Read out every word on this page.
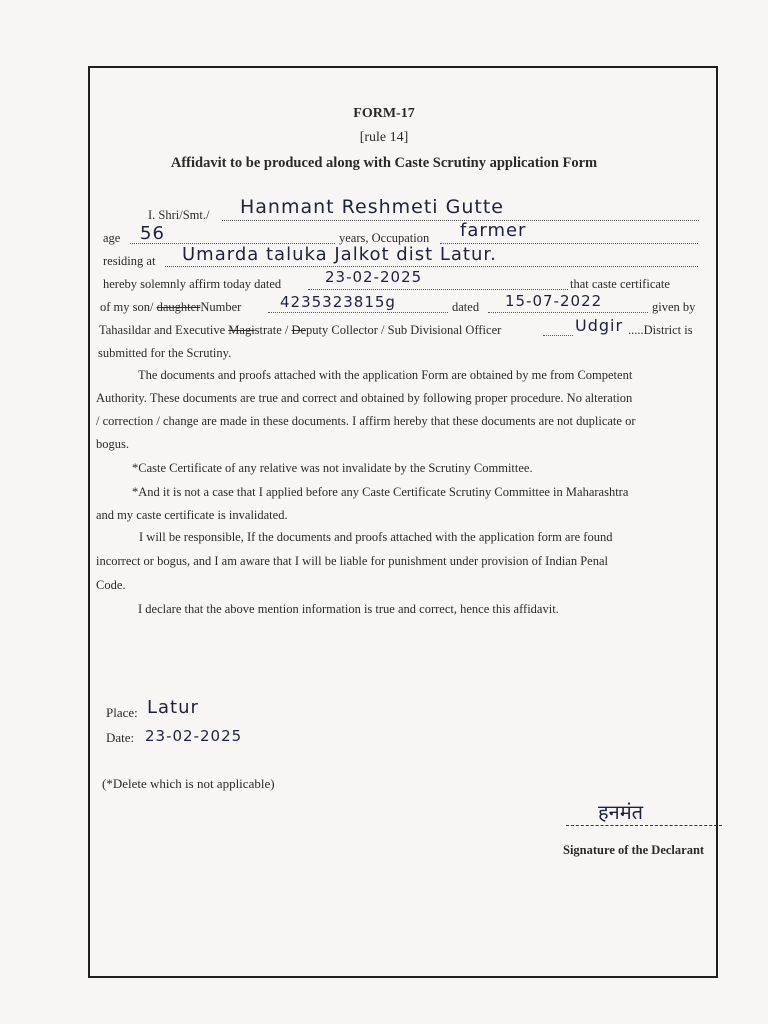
FORM-17
[rule 14]
Affidavit to be produced along with Caste Scrutiny application Form
I. Shri/Smt./ Hanmant Reshmeti Gutte
age 56	years, Occupation farmer
residing at Umarda taluka Jalkot dist Latur.
hereby solemnly affirm today dated	23-02-2025	that caste certificate
of my son/ daughterNumber	4235323815g	dated 15-07-2022	given by
Tahasildar and Executive Magistrate / Deputy Collector / Sub Divisional Officer	Udgir .....District is
submitted for the Scrutiny.
The documents and proofs attached with the application Form are obtained by me from Competent
Authority. These documents are true and correct and obtained by following proper procedure. No alteration
/ correction / change are made in these documents. I affirm hereby that these documents are not duplicate or
bogus.
*Caste Certificate of any relative was not invalidate by the Scrutiny Committee.
*And it is not a case that I applied before any Caste Certificate Scrutiny Committee in Maharashtra
and my caste certificate is invalidated.
I will be responsible, If the documents and proofs attached with the application form are found
incorrect or bogus, and I am aware that I will be liable for punishment under provision of Indian Penal
Code.
I declare that the above mention information is true and correct, hence this affidavit.
Place: Latur
Date: 23-02-2025
(*Delete which is not applicable)
हनमंत
Signature of the Declarant
